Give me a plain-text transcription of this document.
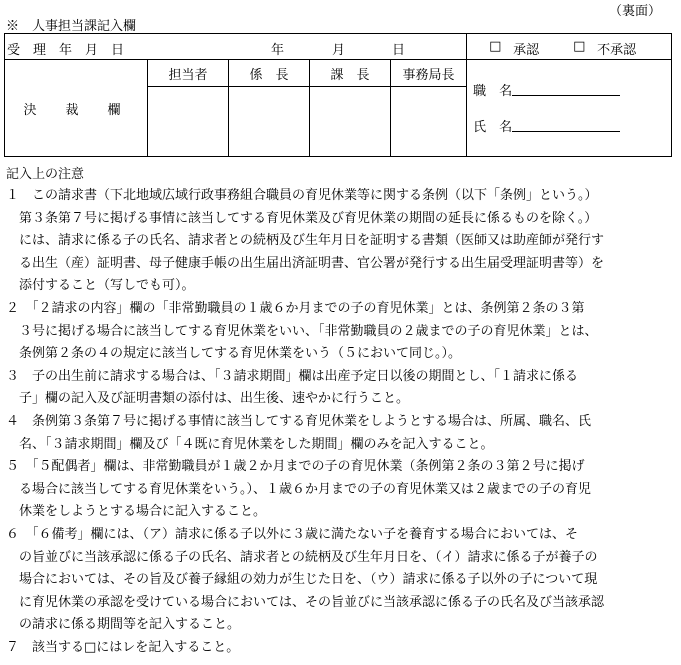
（裏面）
※　人事担当課記入欄
受　理　年　月　日 年 月 日					□ 承認 □ 不承認

決　裁　欄	担当者	係　長	課　長	事務局長	職　名
氏　名

記入上の注意
１　この請求書（下北地域広域行政事務組合職員の育児休業等に関する条例（以下「条例」という。）
　第３条第７号に掲げる事情に該当してする育児休業及び育児休業の期間の延長に係るものを除く。）
　には、請求に係る子の氏名、請求者との続柄及び生年月日を証明する書類（医師又は助産師が発行す
　る出生（産）証明書、母子健康手帳の出生届出済証明書、官公署が発行する出生届受理証明書等）を
　添付すること（写しでも可）。
２　「２請求の内容」欄の「非常勤職員の１歳６か月までの子の育児休業」とは、条例第２条の３第
　３号に掲げる場合に該当してする育児休業をいい、「非常勤職員の２歳までの子の育児休業」とは、
　条例第２条の４の規定に該当してする育児休業をいう（５において同じ。）。
３　子の出生前に請求する場合は、「３請求期間」欄は出産予定日以後の期間とし、「１請求に係る
　子」欄の記入及び証明書類の添付は、出生後、速やかに行うこと。
４　条例第３条第７号に掲げる事情に該当してする育児休業をしようとする場合は、所属、職名、氏
　名、「３請求期間」欄及び「４既に育児休業をした期間」欄のみを記入すること。
５　「５配偶者」欄は、非常勤職員が１歳２か月までの子の育児休業（条例第２条の３第２号に掲げ
　る場合に該当してする育児休業をいう。）、１歳６か月までの子の育児休業又は２歳までの子の育児
　休業をしようとする場合に記入すること。
６　「６備考」欄には、（ア）請求に係る子以外に３歳に満たない子を養育する場合においては、そ
　の旨並びに当該承認に係る子の氏名、請求者との続柄及び生年月日を、（イ）請求に係る子が養子の
　場合においては、その旨及び養子縁組の効力が生じた日を、（ウ）請求に係る子以外の子について現
　に育児休業の承認を受けている場合においては、その旨並びに当該承認に係る子の氏名及び当該承認
　の請求に係る期間等を記入すること。
７　該当する□にはレを記入すること。
